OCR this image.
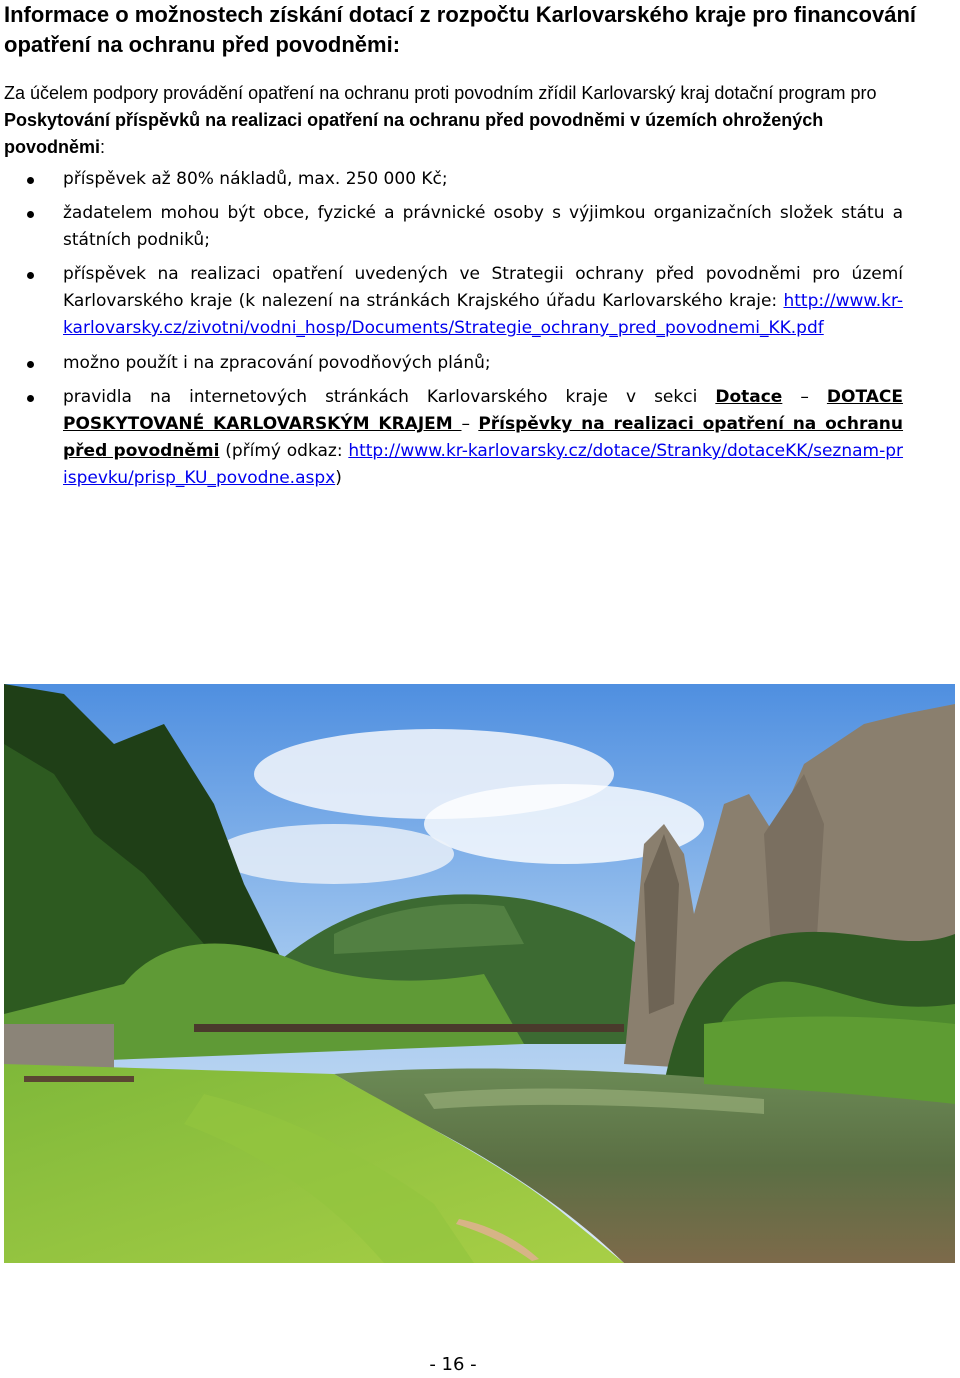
Informace o možnostech získání dotací z rozpočtu Karlovarského kraje pro financování opatření na ochranu před povodněmi:

Za účelem podpory provádění opatření na ochranu proti povodním zřídil Karlovarský kraj dotační program pro Poskytování příspěvků na realizaci opatření na ochranu před povodněmi v územích ohrožených povodněmi:

příspěvek až 80% nákladů, max. 250 000 Kč;
žadatelem mohou být obce, fyzické a právnické osoby s výjimkou organizačních složek státu a státních podniků;
příspěvek na realizaci opatření uvedených ve Strategii ochrany před povodněmi pro území Karlovarského kraje (k nalezení na stránkách Krajského úřadu Karlovarského kraje: http://www.kr-karlovarsky.cz/zivotni/vodni_hosp/Documents/Strategie_ochrany_pred_povodnemi_KK.pdf
možno použít i na zpracování povodňových plánů;
pravidla na internetových stránkách Karlovarského kraje v sekci Dotace – DOTACE POSKYTOVANÉ KARLOVARSKÝM KRAJEM – Příspěvky na realizaci opatření na ochranu před povodněmi (přímý odkaz: http://www.kr-karlovarsky.cz/dotace/Stranky/dotaceKK/seznam-prispevku/prisp_KU_povodne.aspx)
- 16 -
